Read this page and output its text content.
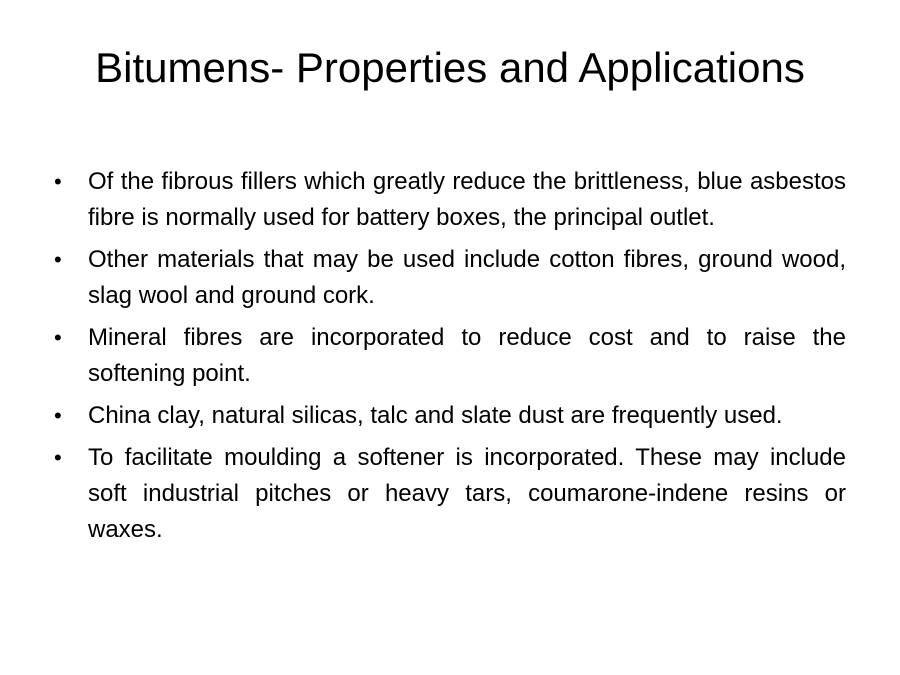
Bitumens- Properties and Applications
• Of the fibrous fillers which greatly reduce the brittleness, blue asbestos fibre is normally used for battery boxes, the principal outlet.
• Other materials that may be used include cotton fibres, ground wood, slag wool and ground cork.
• Mineral fibres are incorporated to reduce cost and to raise the softening point.
• China clay, natural silicas, talc and slate dust are frequently used.
• To facilitate moulding a softener is incorporated. These may include soft industrial pitches or heavy tars, coumarone-indene resins or waxes.
